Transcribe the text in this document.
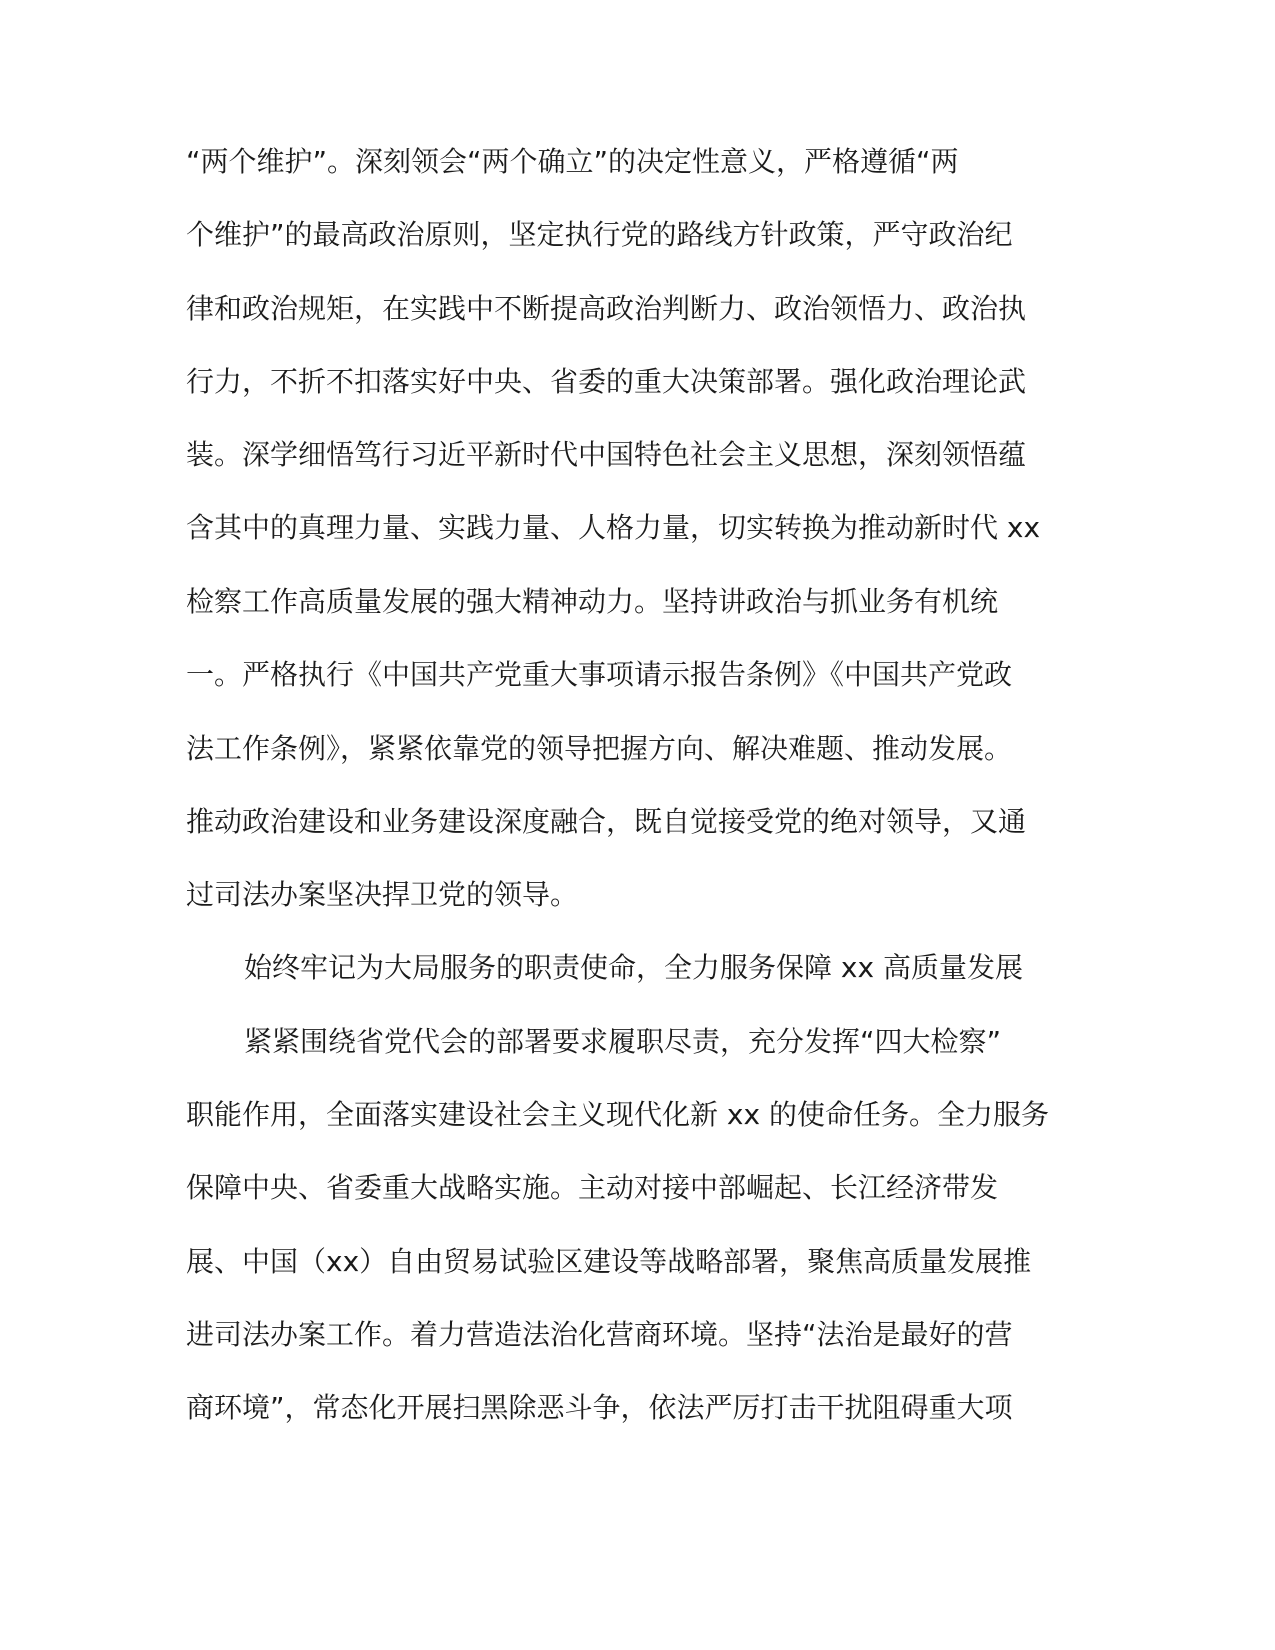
“两个维护”。深刻领会“两个确立”的决定性意义，严格遵循“两
个维护”的最高政治原则，坚定执行党的路线方针政策，严守政治纪
律和政治规矩，在实践中不断提高政治判断力、政治领悟力、政治执
行力，不折不扣落实好中央、省委的重大决策部署。强化政治理论武
装。深学细悟笃行习近平新时代中国特色社会主义思想，深刻领悟蕴
含其中的真理力量、实践力量、人格力量，切实转换为推动新时代 xx
检察工作高质量发展的强大精神动力。坚持讲政治与抓业务有机统
一。严格执行《中国共产党重大事项请示报告条例》《中国共产党政
法工作条例》，紧紧依靠党的领导把握方向、解决难题、推动发展。
推动政治建设和业务建设深度融合，既自觉接受党的绝对领导，又通
过司法办案坚决捍卫党的领导。
始终牢记为大局服务的职责使命，全力服务保障 xx 高质量发展
紧紧围绕省党代会的部署要求履职尽责，充分发挥“四大检察”
职能作用，全面落实建设社会主义现代化新 xx 的使命任务。全力服务
保障中央、省委重大战略实施。主动对接中部崛起、长江经济带发
展、中国（xx）自由贸易试验区建设等战略部署，聚焦高质量发展推
进司法办案工作。着力营造法治化营商环境。坚持“法治是最好的营
商环境”，常态化开展扫黑除恶斗争，依法严厉打击干扰阻碍重大项
